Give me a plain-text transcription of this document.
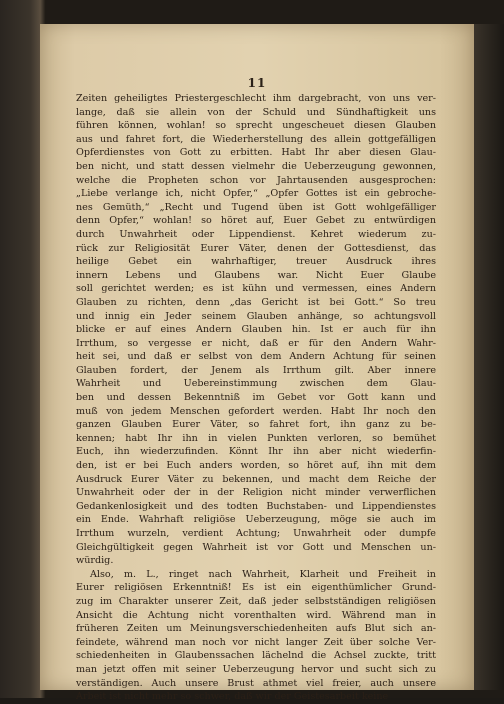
11
Zeiten geheiligtes Priestergeschlecht ihm dargebracht, von uns ver-
lange, daß sie allein von der Schuld und Sündhaftigkeit uns
führen können, wohlan! so sprecht ungescheuet diesen Glauben
aus und fahret fort, die Wiederherstellung des allein gottgefälligen
Opferdienstes von Gott zu erbitten. Habt Ihr aber diesen Glau-
ben nicht, und statt dessen vielmehr die Ueberzeugung gewonnen,
welche die Propheten schon vor Jahrtausenden ausgesprochen:
„Liebe verlange ich, nicht Opfer,“ „Opfer Gottes ist ein gebroche-
nes Gemüth,“ „Recht und Tugend üben ist Gott wohlgefälliger
denn Opfer,“ wohlan! so höret auf, Euer Gebet zu entwürdigen
durch Unwahrheit oder Lippendienst. Kehret wiederum zu-
rück zur Religiosität Eurer Väter, denen der Gottesdienst, das
heilige Gebet ein wahrhaftiger, treuer Ausdruck ihres
innern Lebens und Glaubens war. Nicht Euer Glaube
soll gerichtet werden; es ist kühn und vermessen, eines Andern
Glauben zu richten, denn „das Gericht ist bei Gott.“ So treu
und innig ein Jeder seinem Glauben anhänge, so achtungsvoll
blicke er auf eines Andern Glauben hin. Ist er auch für ihn
Irrthum, so vergesse er nicht, daß er für den Andern Wahr-
heit sei, und daß er selbst von dem Andern Achtung für seinen
Glauben fordert, der Jenem als Irrthum gilt. Aber innere
Wahrheit und Uebereinstimmung zwischen dem Glau-
ben und dessen Bekenntniß im Gebet vor Gott kann und
muß von jedem Menschen gefordert werden. Habt Ihr noch den
ganzen Glauben Eurer Väter, so fahret fort, ihn ganz zu be-
kennen; habt Ihr ihn in vielen Punkten verloren, so bemühet
Euch, ihn wiederzufinden. Könnt Ihr ihn aber nicht wiederfin-
den, ist er bei Euch anders worden, so höret auf, ihn mit dem
Ausdruck Eurer Väter zu bekennen, und macht dem Reiche der
Unwahrheit oder der in der Religion nicht minder verwerflichen
Gedankenlosigkeit und des todten Buchstaben- und Lippendienstes
ein Ende. Wahrhaft religiöse Ueberzeugung, möge sie auch im
Irrthum wurzeln, verdient Achtung; Unwahrheit oder dumpfe
Gleichgültigkeit gegen Wahrheit ist vor Gott und Menschen un-
würdig.
Also, m. L., ringet nach Wahrheit, Klarheit und Freiheit in
Eurer religiösen Erkenntniß! Es ist ein eigenthümlicher Grund-
zug im Charakter unserer Zeit, daß jeder selbstständigen religiösen
Ansicht die Achtung nicht vorenthalten wird. Während man in
früheren Zeiten um Meinungsverschiedenheiten aufs Blut sich an-
feindete, während man noch vor nicht langer Zeit über solche Ver-
schiedenheiten in Glaubenssachen lächelnd die Achsel zuckte, tritt
man jetzt offen mit seiner Ueberzeugung hervor und sucht sich zu
verständigen. Auch unsere Brust athmet viel freier, auch unsere
Arbeit ist nicht mehr so schwer, daß wir der Geistesarbeit keine
